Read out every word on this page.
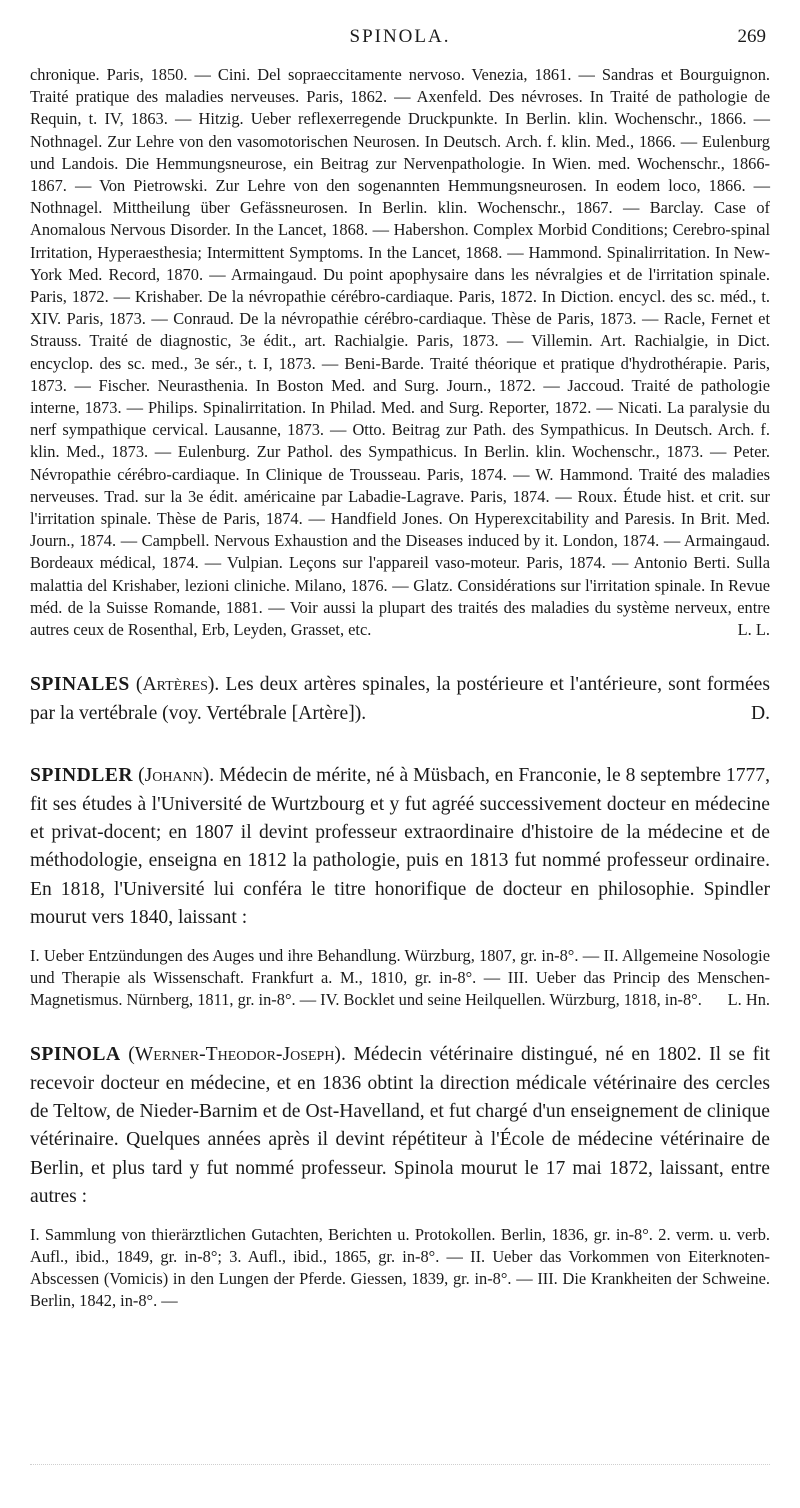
SPINOLA.	269

chronique. Paris, 1850. — Cini. Del sopraeccitamente nervoso. Venezia, 1861. — Sandras et Bourguignon. Traité pratique des maladies nerveuses. Paris, 1862. — Axenfeld. Des névroses. In Traité de pathologie de Requin, t. IV, 1863. — Hitzig. Ueber reflexerregende Druckpunkte. In Berlin. klin. Wochenschr., 1866. — Nothnagel. Zur Lehre von den vasomotorischen Neurosen. In Deutsch. Arch. f. klin. Med., 1866. — Eulenburg und Landois. Die Hemmungsneurose, ein Beitrag zur Nervenpathologie. In Wien. med. Wochenschr., 1866-1867. — Von Pietrowski. Zur Lehre von den sogenannten Hemmungsneurosen. In eodem loco, 1866. — Nothnagel. Mittheilung über Gefässneurosen. In Berlin. klin. Wochenschr., 1867. — Barclay. Case of Anomalous Nervous Disorder. In the Lancet, 1868. — Habershon. Complex Morbid Conditions; Cerebro-spinal Irritation, Hyperaesthesia; Intermittent Symptoms. In the Lancet, 1868. — Hammond. Spinalirritation. In New-York Med. Record, 1870. — Armaingaud. Du point apophysaire dans les névralgies et de l'irritation spinale. Paris, 1872. — Krishaber. De la névropathie cérébro-cardiaque. Paris, 1872. In Diction. encycl. des sc. méd., t. XIV. Paris, 1873. — Conraud. De la névropathie cérébro-cardiaque. Thèse de Paris, 1873. — Racle, Fernet et Strauss. Traité de diagnostic, 3e édit., art. Rachialgie. Paris, 1873. — Villemin. Art. Rachialgie, in Dict. encyclop. des sc. med., 3e sér., t. I, 1873. — Beni-Barde. Traité théorique et pratique d'hydrothérapie. Paris, 1873. — Fischer. Neurasthenia. In Boston Med. and Surg. Journ., 1872. — Jaccoud. Traité de pathologie interne, 1873. — Philips. Spinalirritation. In Philad. Med. and Surg. Reporter, 1872. — Nicati. La paralysie du nerf sympathique cervical. Lausanne, 1873. — Otto. Beitrag zur Path. des Sympathicus. In Deutsch. Arch. f. klin. Med., 1873. — Eulenburg. Zur Pathol. des Sympathicus. In Berlin. klin. Wochenschr., 1873. — Peter. Névropathie cérébro-cardiaque. In Clinique de Trousseau. Paris, 1874. — W. Hammond. Traité des maladies nerveuses. Trad. sur la 3e édit. américaine par Labadie-Lagrave. Paris, 1874. — Roux. Étude hist. et crit. sur l'irritation spinale. Thèse de Paris, 1874. — Handfield Jones. On Hyperexcitability and Paresis. In Brit. Med. Journ., 1874. — Campbell. Nervous Exhaustion and the Diseases induced by it. London, 1874. — Armaingaud. Bordeaux médical, 1874. — Vulpian. Leçons sur l'appareil vaso-moteur. Paris, 1874. — Antonio Berti. Sulla malattia del Krishaber, lezioni cliniche. Milano, 1876. — Glatz. Considérations sur l'irritation spinale. In Revue méd. de la Suisse Romande, 1881. — Voir aussi la plupart des traités des maladies du système nerveux, entre autres ceux de Rosenthal, Erb, Leyden, Grasset, etc.	L. L.

SPINALES (Artères). Les deux artères spinales, la postérieure et l'antérieure, sont formées par la vertébrale (voy. Vertébrale [Artère]).	D.

SPINDLER (Johann). Médecin de mérite, né à Müsbach, en Franconie, le 8 septembre 1777, fit ses études à l'Université de Wurtzbourg et y fut agréé successivement docteur en médecine et privat-docent; en 1807 il devint professeur extraordinaire d'histoire de la médecine et de méthodologie, enseigna en 1812 la pathologie, puis en 1813 fut nommé professeur ordinaire. En 1818, l'Université lui conféra le titre honorifique de docteur en philosophie. Spindler mourut vers 1840, laissant :

I. Ueber Entzündungen des Auges und ihre Behandlung. Würzburg, 1807, gr. in-8°. — II. Allgemeine Nosologie und Therapie als Wissenschaft. Frankfurt a. M., 1810, gr. in-8°. — III. Ueber das Princip des Menschen-Magnetismus. Nürnberg, 1811, gr. in-8°. — IV. Bocklet und seine Heilquellen. Würzburg, 1818, in-8°. L. Hn.

SPINOLA (Werner-Theodor-Joseph). Médecin vétérinaire distingué, né en 1802. Il se fit recevoir docteur en médecine, et en 1836 obtint la direction médicale vétérinaire des cercles de Teltow, de Nieder-Barnim et de Ost-Havelland, et fut chargé d'un enseignement de clinique vétérinaire. Quelques années après il devint répétiteur à l'École de médecine vétérinaire de Berlin, et plus tard y fut nommé professeur. Spinola mourut le 17 mai 1872, laissant, entre autres :

I. Sammlung von thierärztlichen Gutachten, Berichten u. Protokollen. Berlin, 1836, gr. in-8°. 2. verm. u. verb. Aufl., ibid., 1849, gr. in-8°; 3. Aufl., ibid., 1865, gr. in-8°. — II. Ueber das Vorkommen von Eiterknoten-Abscessen (Vomicis) in den Lungen der Pferde. Giessen, 1839, gr. in-8°. — III. Die Krankheiten der Schweine. Berlin, 1842, in-8°. —
